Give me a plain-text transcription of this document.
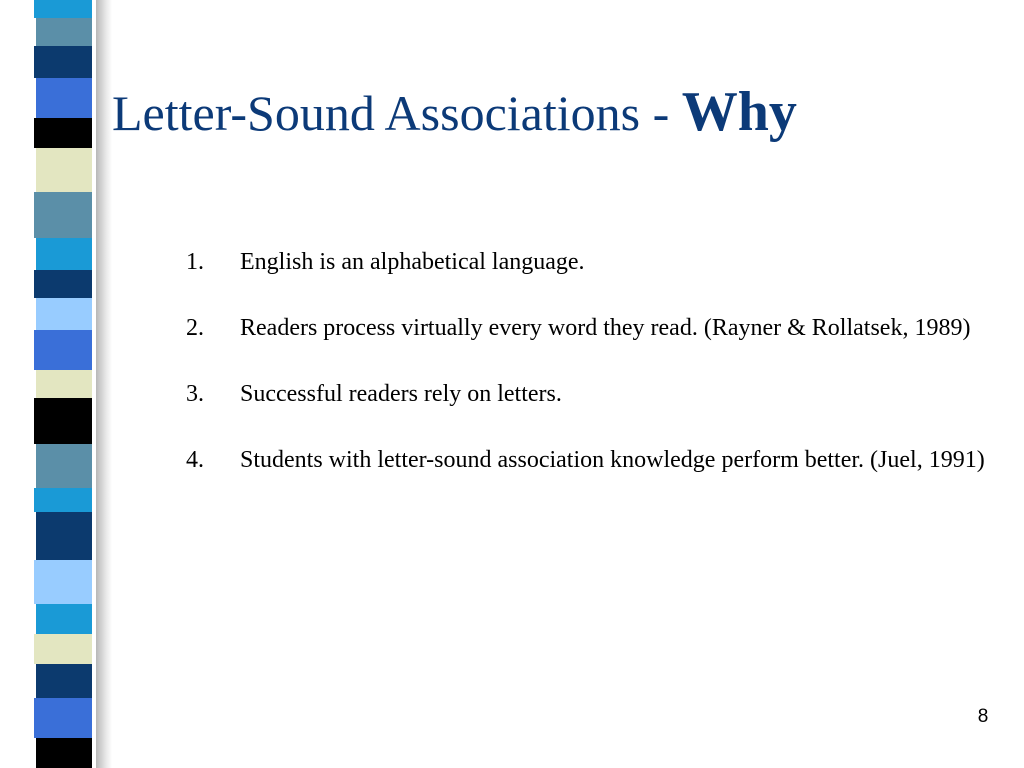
Letter-Sound Associations - Why
1. English is an alphabetical language.
2. Readers process virtually every word they read. (Rayner & Rollatsek, 1989)
3. Successful readers rely on letters.
4. Students with letter-sound association knowledge perform better. (Juel, 1991)
8
